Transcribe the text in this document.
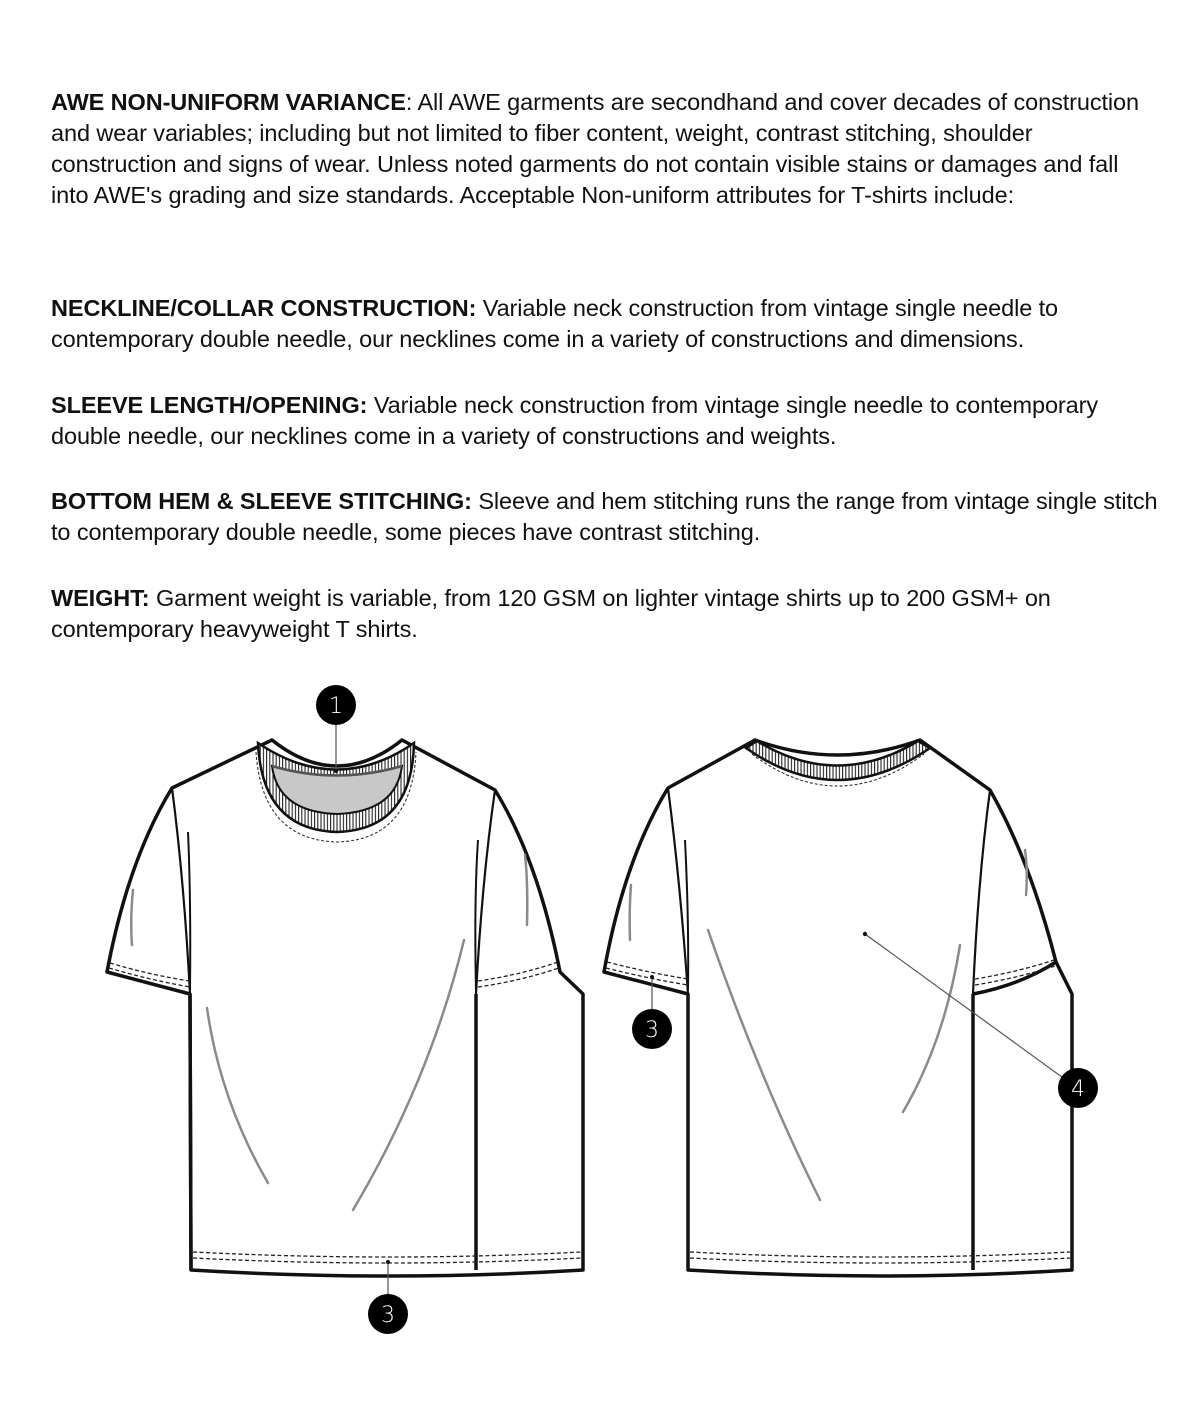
AWE NON-UNIFORM VARIANCE: All AWE garments are secondhand and cover decades of construction and wear variables; including but not limited to fiber content, weight, contrast stitching, shoulder construction and signs of wear. Unless noted garments do not contain visible stains or damages and fall into AWE's grading and size standards. Acceptable Non-uniform attributes for T-shirts include:
NECKLINE/COLLAR CONSTRUCTION: Variable neck construction from vintage single needle to contemporary double needle, our necklines come in a variety of constructions and dimensions.
SLEEVE LENGTH/OPENING: Variable neck construction from vintage single needle to contemporary double needle, our necklines come in a variety of constructions and weights.
BOTTOM HEM & SLEEVE STITCHING: Sleeve and hem stitching runs the range from vintage single stitch to contemporary double needle, some pieces have contrast stitching.
WEIGHT: Garment weight is variable, from 120 GSM on lighter vintage shirts up to 200 GSM+ on contemporary heavyweight T shirts.
1
3
3
4
